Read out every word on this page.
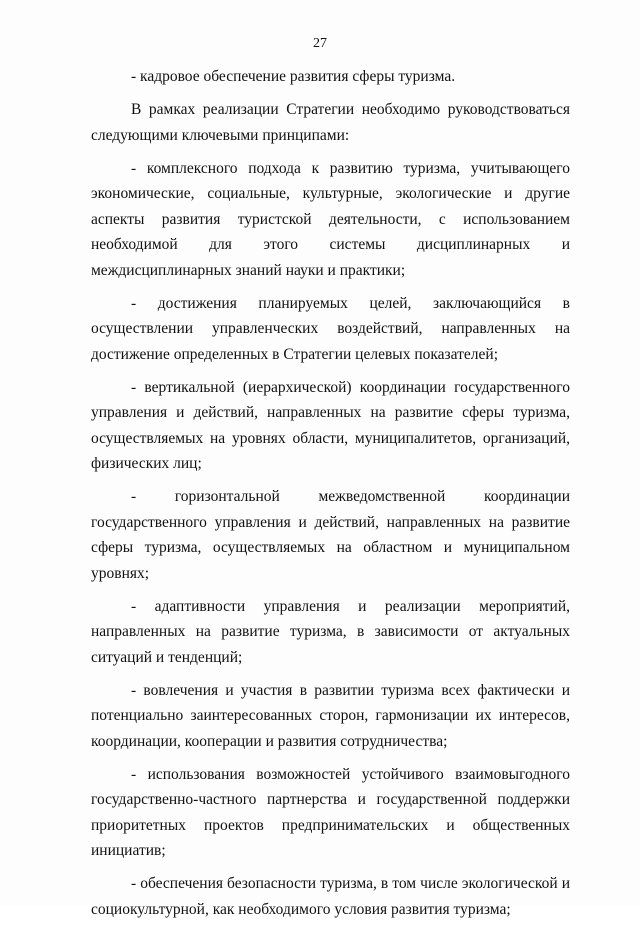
27

- кадровое обеспечение развития сферы туризма.

В рамках реализации Стратегии необходимо руководствоваться следующими ключевыми принципами:

- комплексного подхода к развитию туризма, учитывающего экономические, социальные, культурные, экологические и другие аспекты развития туристской деятельности, с использованием необходимой для этого системы дисциплинарных и междисциплинарных знаний науки и практики;

- достижения планируемых целей, заключающийся в осуществлении управленческих воздействий, направленных на достижение определенных в Стратегии целевых показателей;

- вертикальной (иерархической) координации государственного управления и действий, направленных на развитие сферы туризма, осуществляемых на уровнях области, муниципалитетов, организаций, физических лиц;

- горизонтальной межведомственной координации государственного управления и действий, направленных на развитие сферы туризма, осуществляемых на областном и муниципальном уровнях;

- адаптивности управления и реализации мероприятий, направленных на развитие туризма, в зависимости от актуальных ситуаций и тенденций;

- вовлечения и участия в развитии туризма всех фактически и потенциально заинтересованных сторон, гармонизации их интересов, координации, кооперации и развития сотрудничества;

- использования возможностей устойчивого взаимовыгодного государственно-частного партнерства и государственной поддержки приоритетных проектов предпринимательских и общественных инициатив;

- обеспечения безопасности туризма, в том числе экологической и социокультурной, как необходимого условия развития туризма;
